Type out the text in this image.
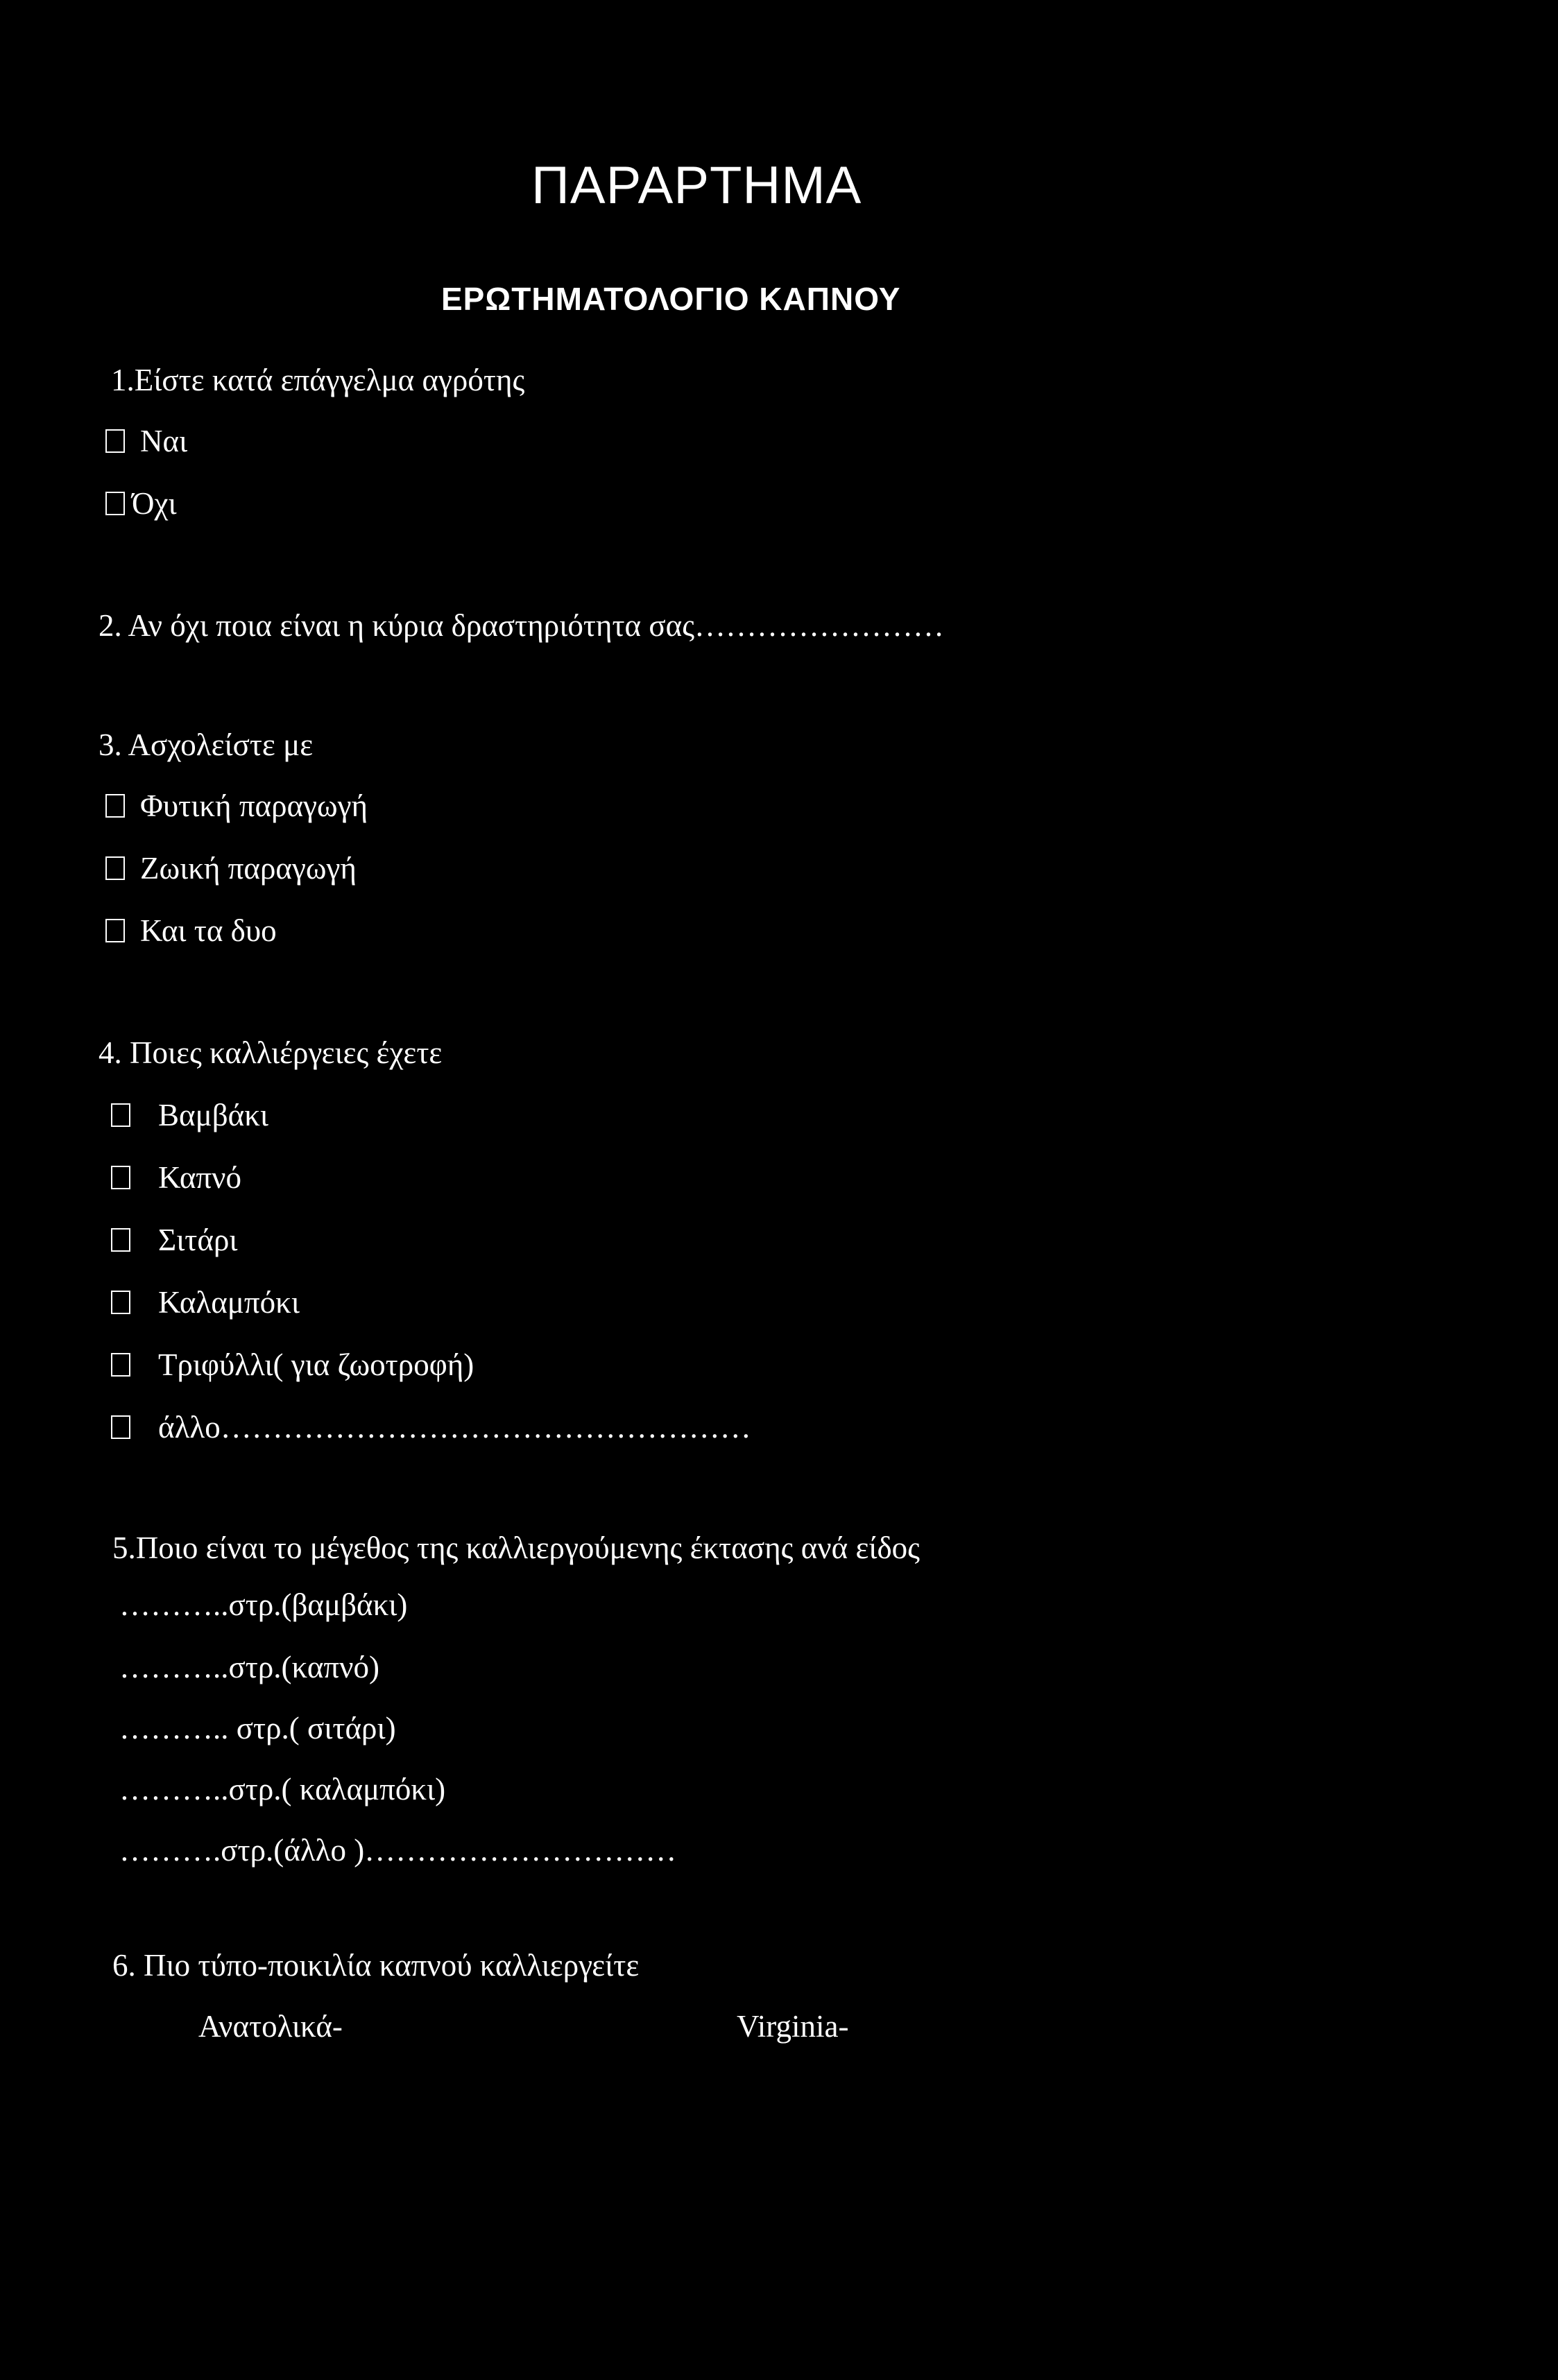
ΠΑΡΑΡΤΗΜΑ
ΕΡΩΤΗΜΑΤΟΛΟΓΙΟ ΚΑΠΝΟΥ
1.Είστε κατά επάγγελμα αγρότης
Ναι
Όχι
2. Αν όχι ποια είναι η κύρια δραστηριότητα σας……………………
3. Ασχολείστε με
Φυτική παραγωγή
Ζωική παραγωγή
Και τα δυο
4. Ποιες καλλιέργειες έχετε
Βαμβάκι
Καπνό
Σιτάρι
Καλαμπόκι
Τριφύλλι( για ζωοτροφή)
άλλο……………………………………………
5.Ποιο είναι το μέγεθος της καλλιεργούμενης έκτασης ανά είδος
………..στρ.(βαμβάκι)
………..στρ.(καπνό)
……….. στρ.( σιτάρι)
………..στρ.( καλαμπόκι)
……….στρ.(άλλο )…………………………
6. Πιο τύπο-ποικιλία καπνού καλλιεργείτε
Ανατολικά-	Virginia-
